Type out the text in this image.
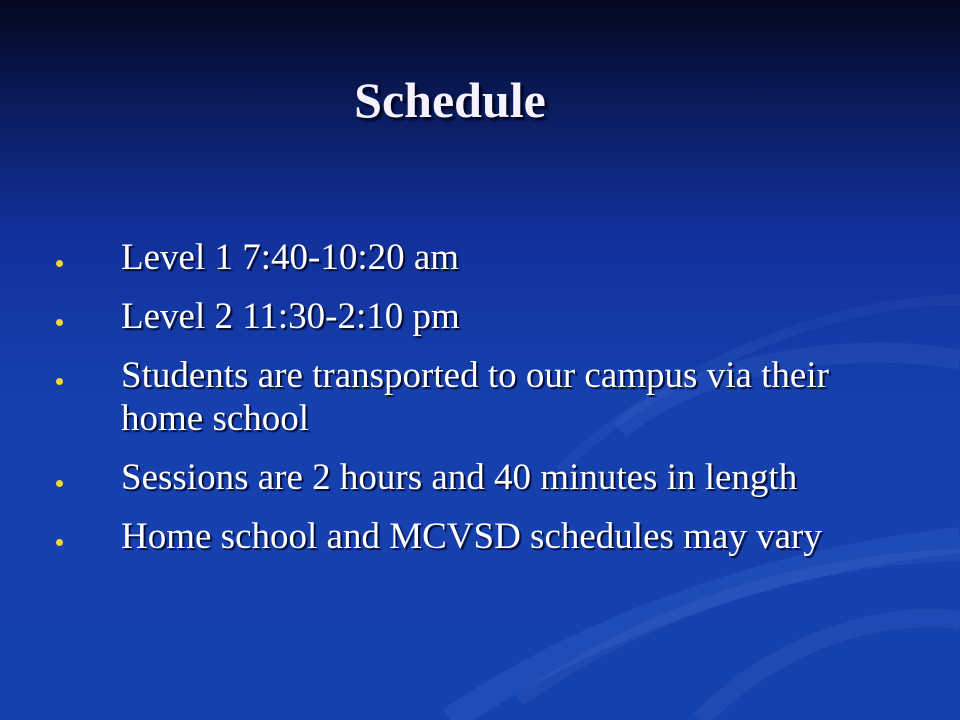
Schedule
Level 1 7:40-10:20 am
Level 2 11:30-2:10 pm
Students are transported to our campus via their home school
Sessions are 2 hours and 40 minutes in length
Home school and MCVSD schedules may vary
